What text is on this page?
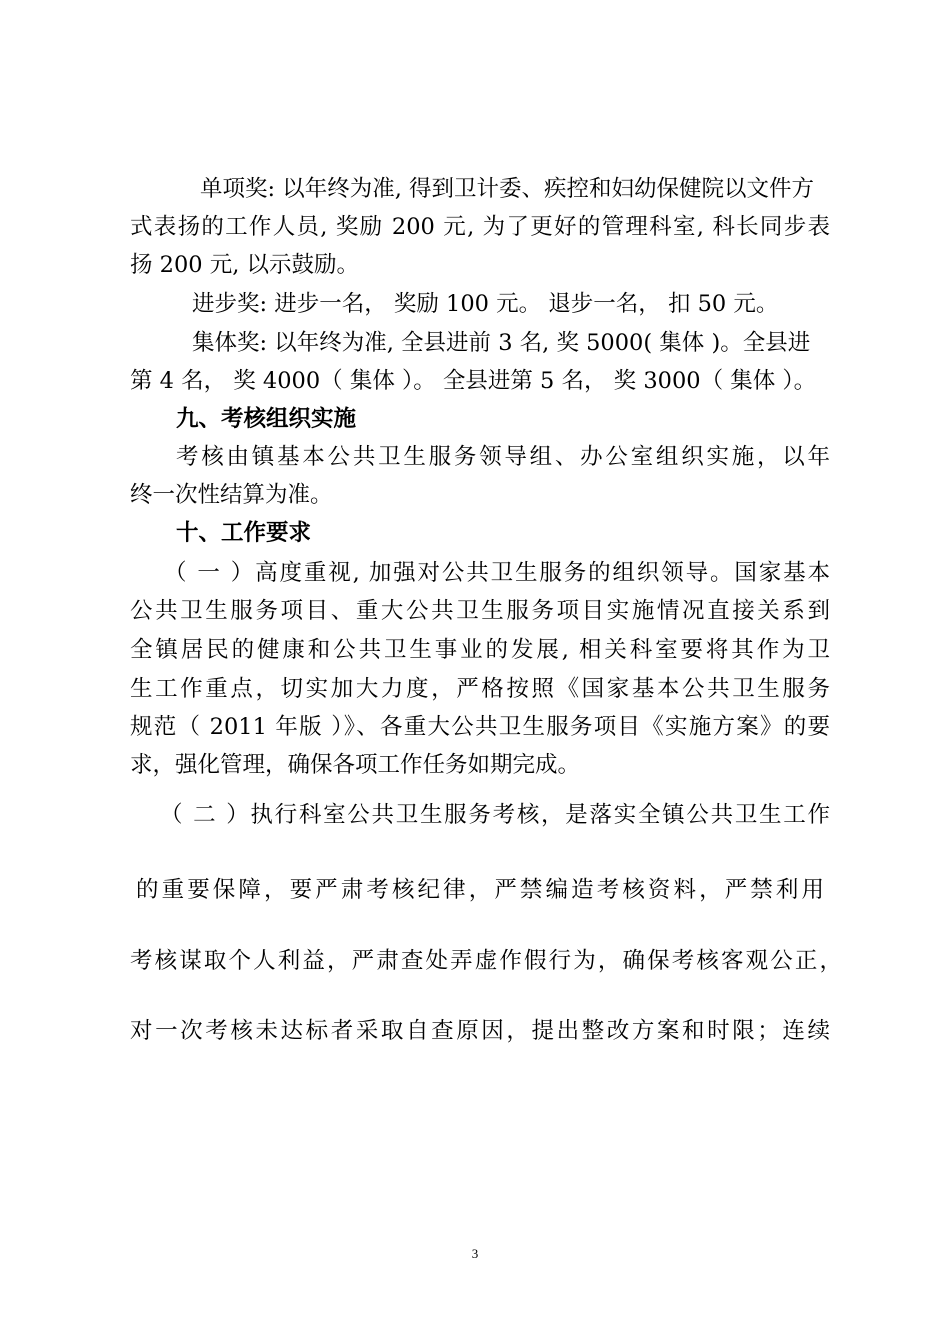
单项奖: 以年终为准, 得到卫计委、疾控和妇幼保健院以文件方
式表扬的工作人员, 奖励 200 元, 为了更好的管理科室, 科长同步表
扬 200 元, 以示鼓励。
进步奖: 进步一名， 奖励 100 元。 退步一名， 扣 50 元。
集体奖: 以年终为准, 全县进前 3 名, 奖 5000( 集体 )。全县进
第 4 名， 奖 4000（ 集体 ）。 全县进第 5 名， 奖 3000（ 集体 ）。
九、考核组织实施
考核由镇基本公共卫生服务领导组、办公室组织实施，以年
终一次性结算为准。
十、工作要求
（ 一 ）高度重视, 加强对公共卫生服务的组织领导。国家基本
公共卫生服务项目、重大公共卫生服务项目实施情况直接关系到
全镇居民的健康和公共卫生事业的发展, 相关科室要将其作为卫
生工作重点，切实加大力度，严格按照《国家基本公共卫生服务
规范（ 2011 年版 ）》、各重大公共卫生服务项目《实施方案》的要
求，强化管理，确保各项工作任务如期完成。
（ 二 ）执行科室公共卫生服务考核，是落实全镇公共卫生工作
的重要保障，要严肃考核纪律，严禁编造考核资料，严禁利用
考核谋取个人利益，严肃查处弄虚作假行为，确保考核客观公正，
对一次考核未达标者采取自查原因，提出整改方案和时限；连续
3
